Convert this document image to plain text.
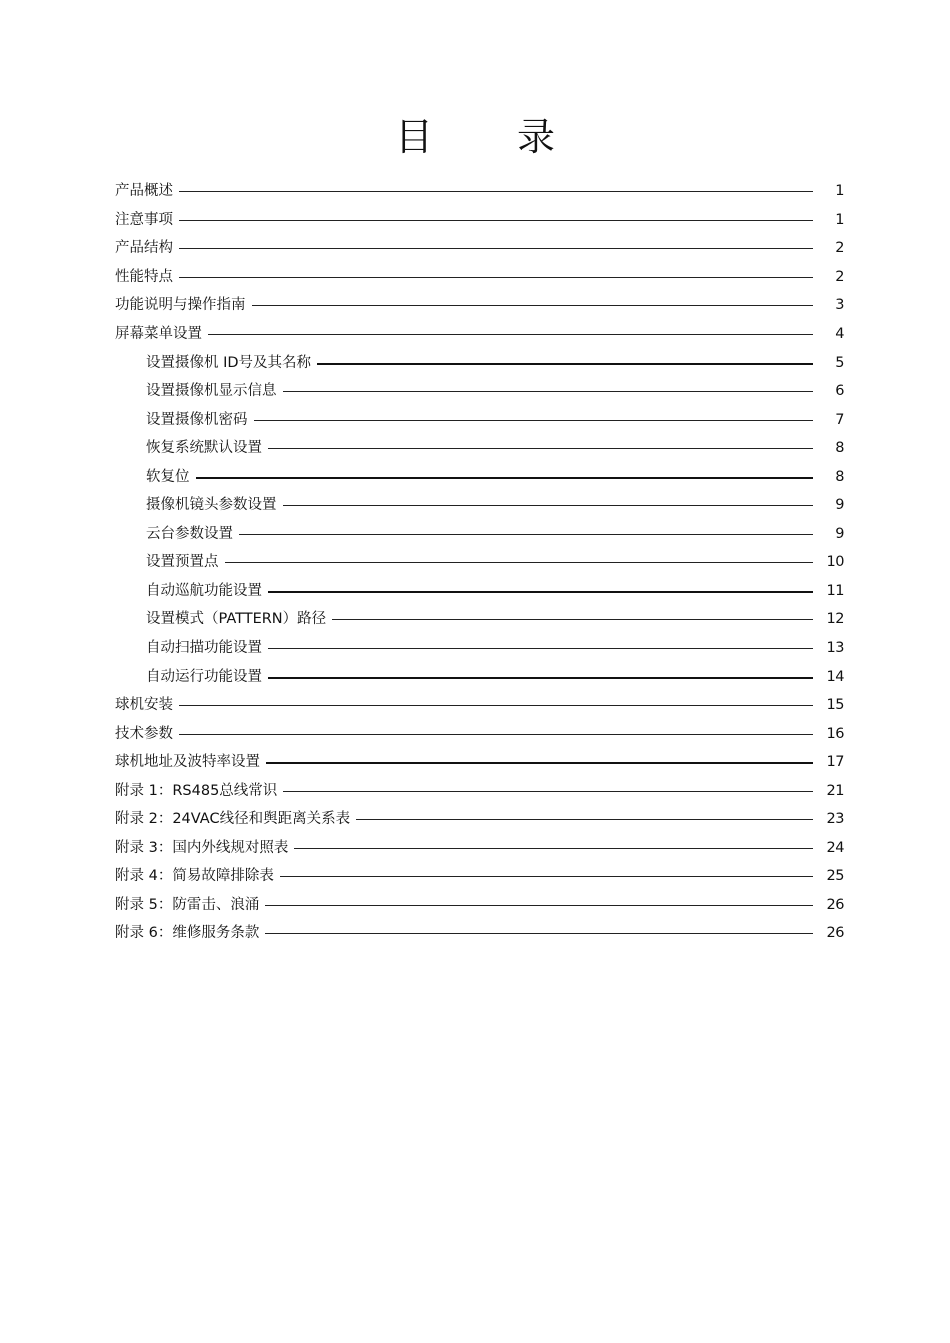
目 录
产品概述	1
注意事项	1
产品结构	2
性能特点	2
功能说明与操作指南	3
屏幕菜单设置	4
设置摄像机 ID号及其名称	5
设置摄像机显示信息	6
设置摄像机密码	7
恢复系统默认设置	8
软复位	8
摄像机镜头参数设置	9
云台参数设置	9
设置预置点	10
自动巡航功能设置	11
设置模式（PATTERN）路径	12
自动扫描功能设置	13
自动运行功能设置	14
球机安装	15
技术参数	16
球机地址及波特率设置	17
附录 1：RS485总线常识	21
附录 2：24VAC线径和舆距离关系表	23
附录 3：国内外线规对照表	24
附录 4：简易故障排除表	25
附录 5：防雷击、浪涌	26
附录 6：维修服务条款	26
